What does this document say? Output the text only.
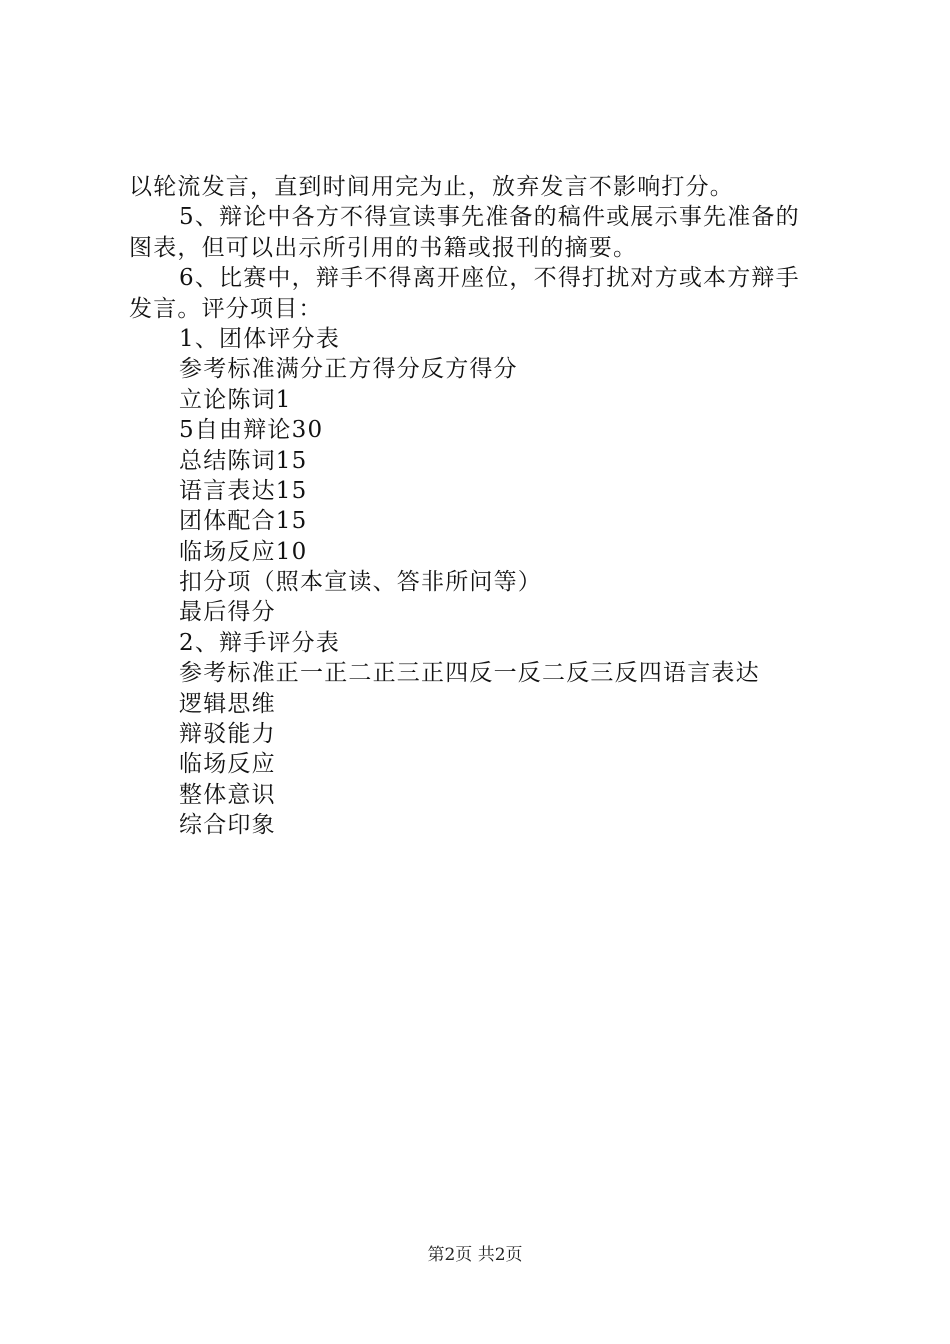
以轮流发言，直到时间用完为止，放弃发言不影响打分。
5、辩论中各方不得宣读事先准备的稿件或展示事先准备的
图表，但可以出示所引用的书籍或报刊的摘要。
6、比赛中，辩手不得离开座位，不得打扰对方或本方辩手
发言。评分项目：
1、团体评分表
参考标准满分正方得分反方得分
立论陈词1
5自由辩论30
总结陈词15
语言表达15
团体配合15
临场反应10
扣分项（照本宣读、答非所问等）
最后得分
2、辩手评分表
参考标准正一正二正三正四反一反二反三反四语言表达
逻辑思维
辩驳能力
临场反应
整体意识
综合印象
第2页 共2页
